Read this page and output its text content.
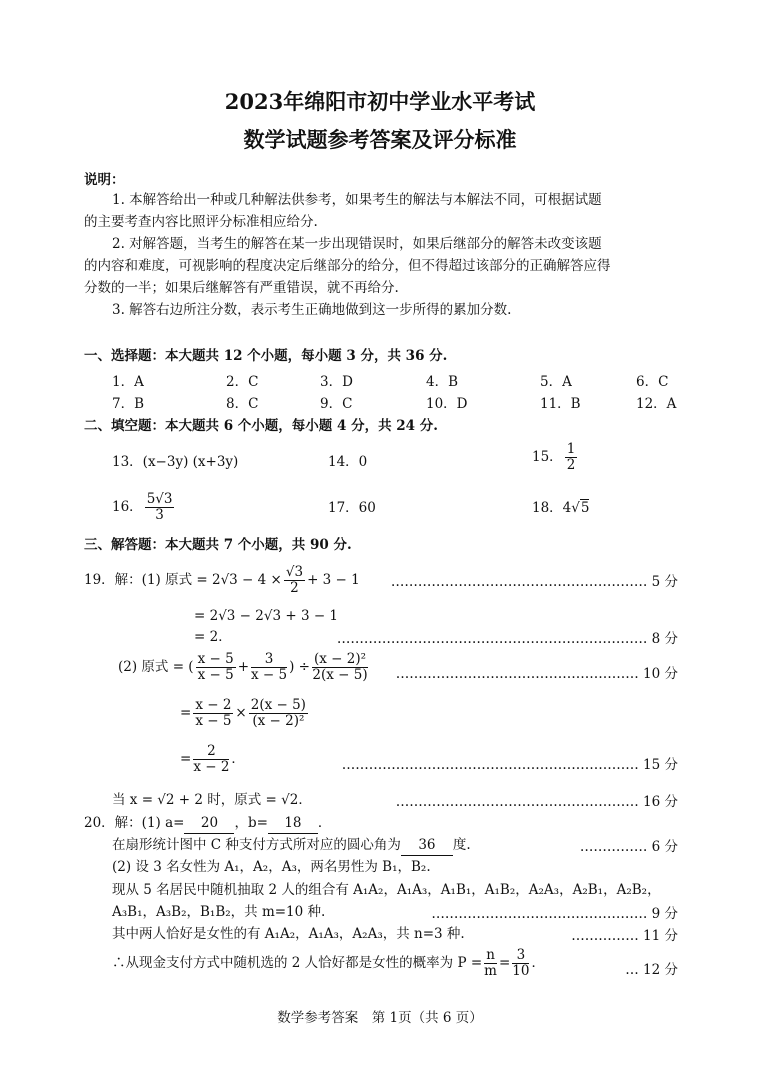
2023年绵阳市初中学业水平考试
数学试题参考答案及评分标准
说明：
1. 本解答给出一种或几种解法供参考，如果考生的解法与本解法不同，可根据试题
的主要考查内容比照评分标准相应给分.
2. 对解答题，当考生的解答在某一步出现错误时，如果后继部分的解答未改变该题
的内容和难度，可视影响的程度决定后继部分的给分，但不得超过该部分的正确解答应得
分数的一半；如果后继解答有严重错误，就不再给分.
3. 解答右边所注分数，表示考生正确地做到这一步所得的累加分数.
一、选择题：本大题共 12 个小题，每小题 3 分，共 36 分.
1．A	2．C	3．D	4．B	5．A	6．C
7．B	8．C	9．C	10．D	11．B	12．A
二、填空题：本大题共 6 个小题，每小题 4 分，共 24 分.
13．(x−3y) (x+3y)	14．0	15． $\frac{1}{2}$
16． $\frac{5√3}{3}$	17．60	18．4√5
三、解答题：本大题共 7 个小题，共 90 分.
19．解：(1) 原式 = $2√3 - 4 \times \frac{√3}{2} + 3 - 1$ ………………………………………………… 5 分
= 2√3 − 2√3 + 3 − 1
= 2．	…………………………………………………………… 8 分
(2) 原式 = ( $\frac{x - 5}{x - 5} + \frac{3}{x - 5}$ ) ÷ $\frac{\text{(x − 2)²}}{2(x - 5)}$ ……………………………………………… 10 分
= $\frac{x - 2}{x - 5} \times \frac{2(x - 5)}{\text{(x − 2)²}}$
= $\frac{2}{x - 2}$ ．	………………………………………………………… 15 分
当 x = √2 + 2 时，原式 = √2．	……………………………………………… 16 分
20．解：(1) a= 20 ，b= 18 ．
在扇形统计图中 C 种支付方式所对应的圆心角为 36 度.	…………… 6 分
(2) 设 3 名女性为 A₁，A₂，A₃，两名男性为 B₁，B₂.
现从 5 名居民中随机抽取 2 人的组合有 A₁A₂，A₁A₃，A₁B₁，A₁B₂，A₂A₃，A₂B₁，A₂B₂，
A₃B₁，A₃B₂，B₁B₂，共 m=10 种.	………………………………………… 9 分
其中两人恰好是女性的有 A₁A₂，A₁A₃，A₂A₃，共 n=3 种.	…………… 11 分
∴从现金支付方式中随机选的 2 人恰好都是女性的概率为 $P = \frac{n}{m} = \frac{3}{10}$ ．	… 12 分
数学参考答案　第 1页（共 6 页）
